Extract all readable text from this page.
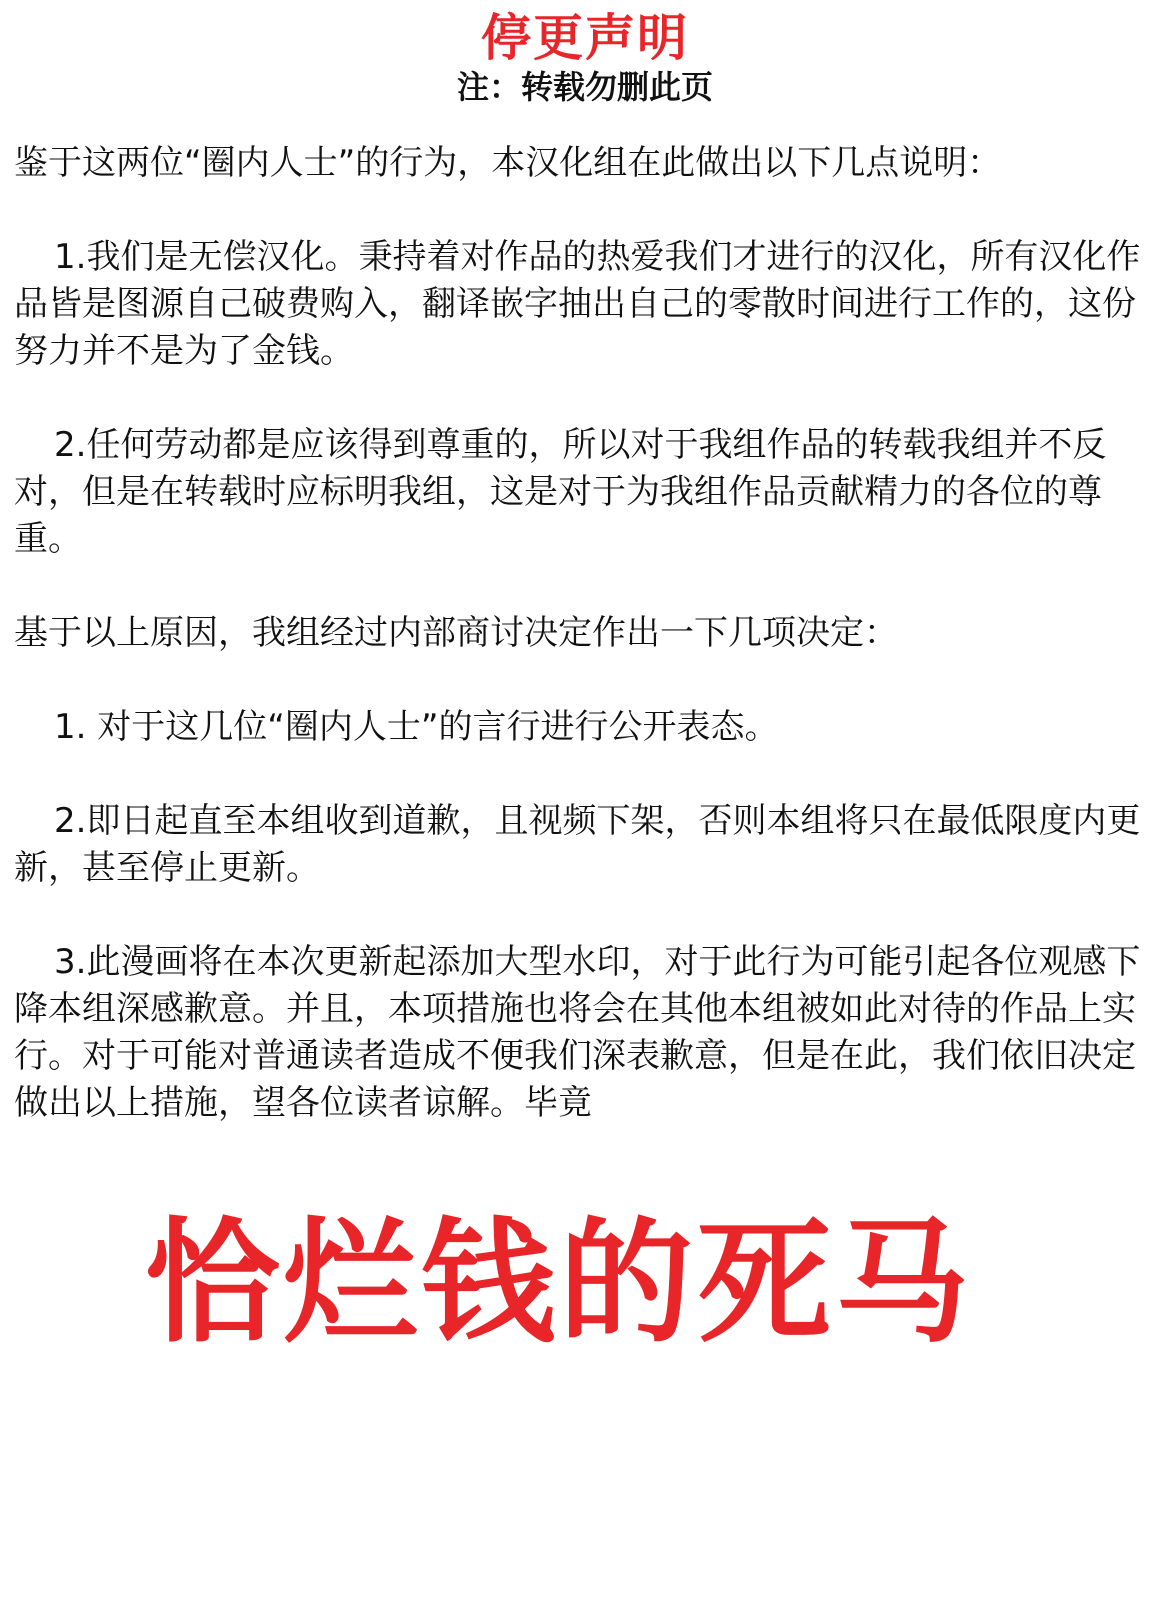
停更声明
注：转载勿删此页

鉴于这两位“圈内人士”的行为，本汉化组在此做出以下几点说明：

1.我们是无偿汉化。秉持着对作品的热爱我们才进行的汉化，所有汉化作品皆是图源自己破费购入，翻译嵌字抽出自己的零散时间进行工作的，这份努力并不是为了金钱。

2.任何劳动都是应该得到尊重的，所以对于我组作品的转载我组并不反对，但是在转载时应标明我组，这是对于为我组作品贡献精力的各位的尊重。

基于以上原因，我组经过内部商讨决定作出一下几项决定：

1. 对于这几位“圈内人士”的言行进行公开表态。

2.即日起直至本组收到道歉，且视频下架，否则本组将只在最低限度内更新，甚至停止更新。

3.此漫画将在本次更新起添加大型水印，对于此行为可能引起各位观感下降本组深感歉意。并且，本项措施也将会在其他本组被如此对待的作品上实行。对于可能对普通读者造成不便我们深表歉意，但是在此，我们依旧决定做出以上措施，望各位读者谅解。毕竟

恰烂钱的死马
